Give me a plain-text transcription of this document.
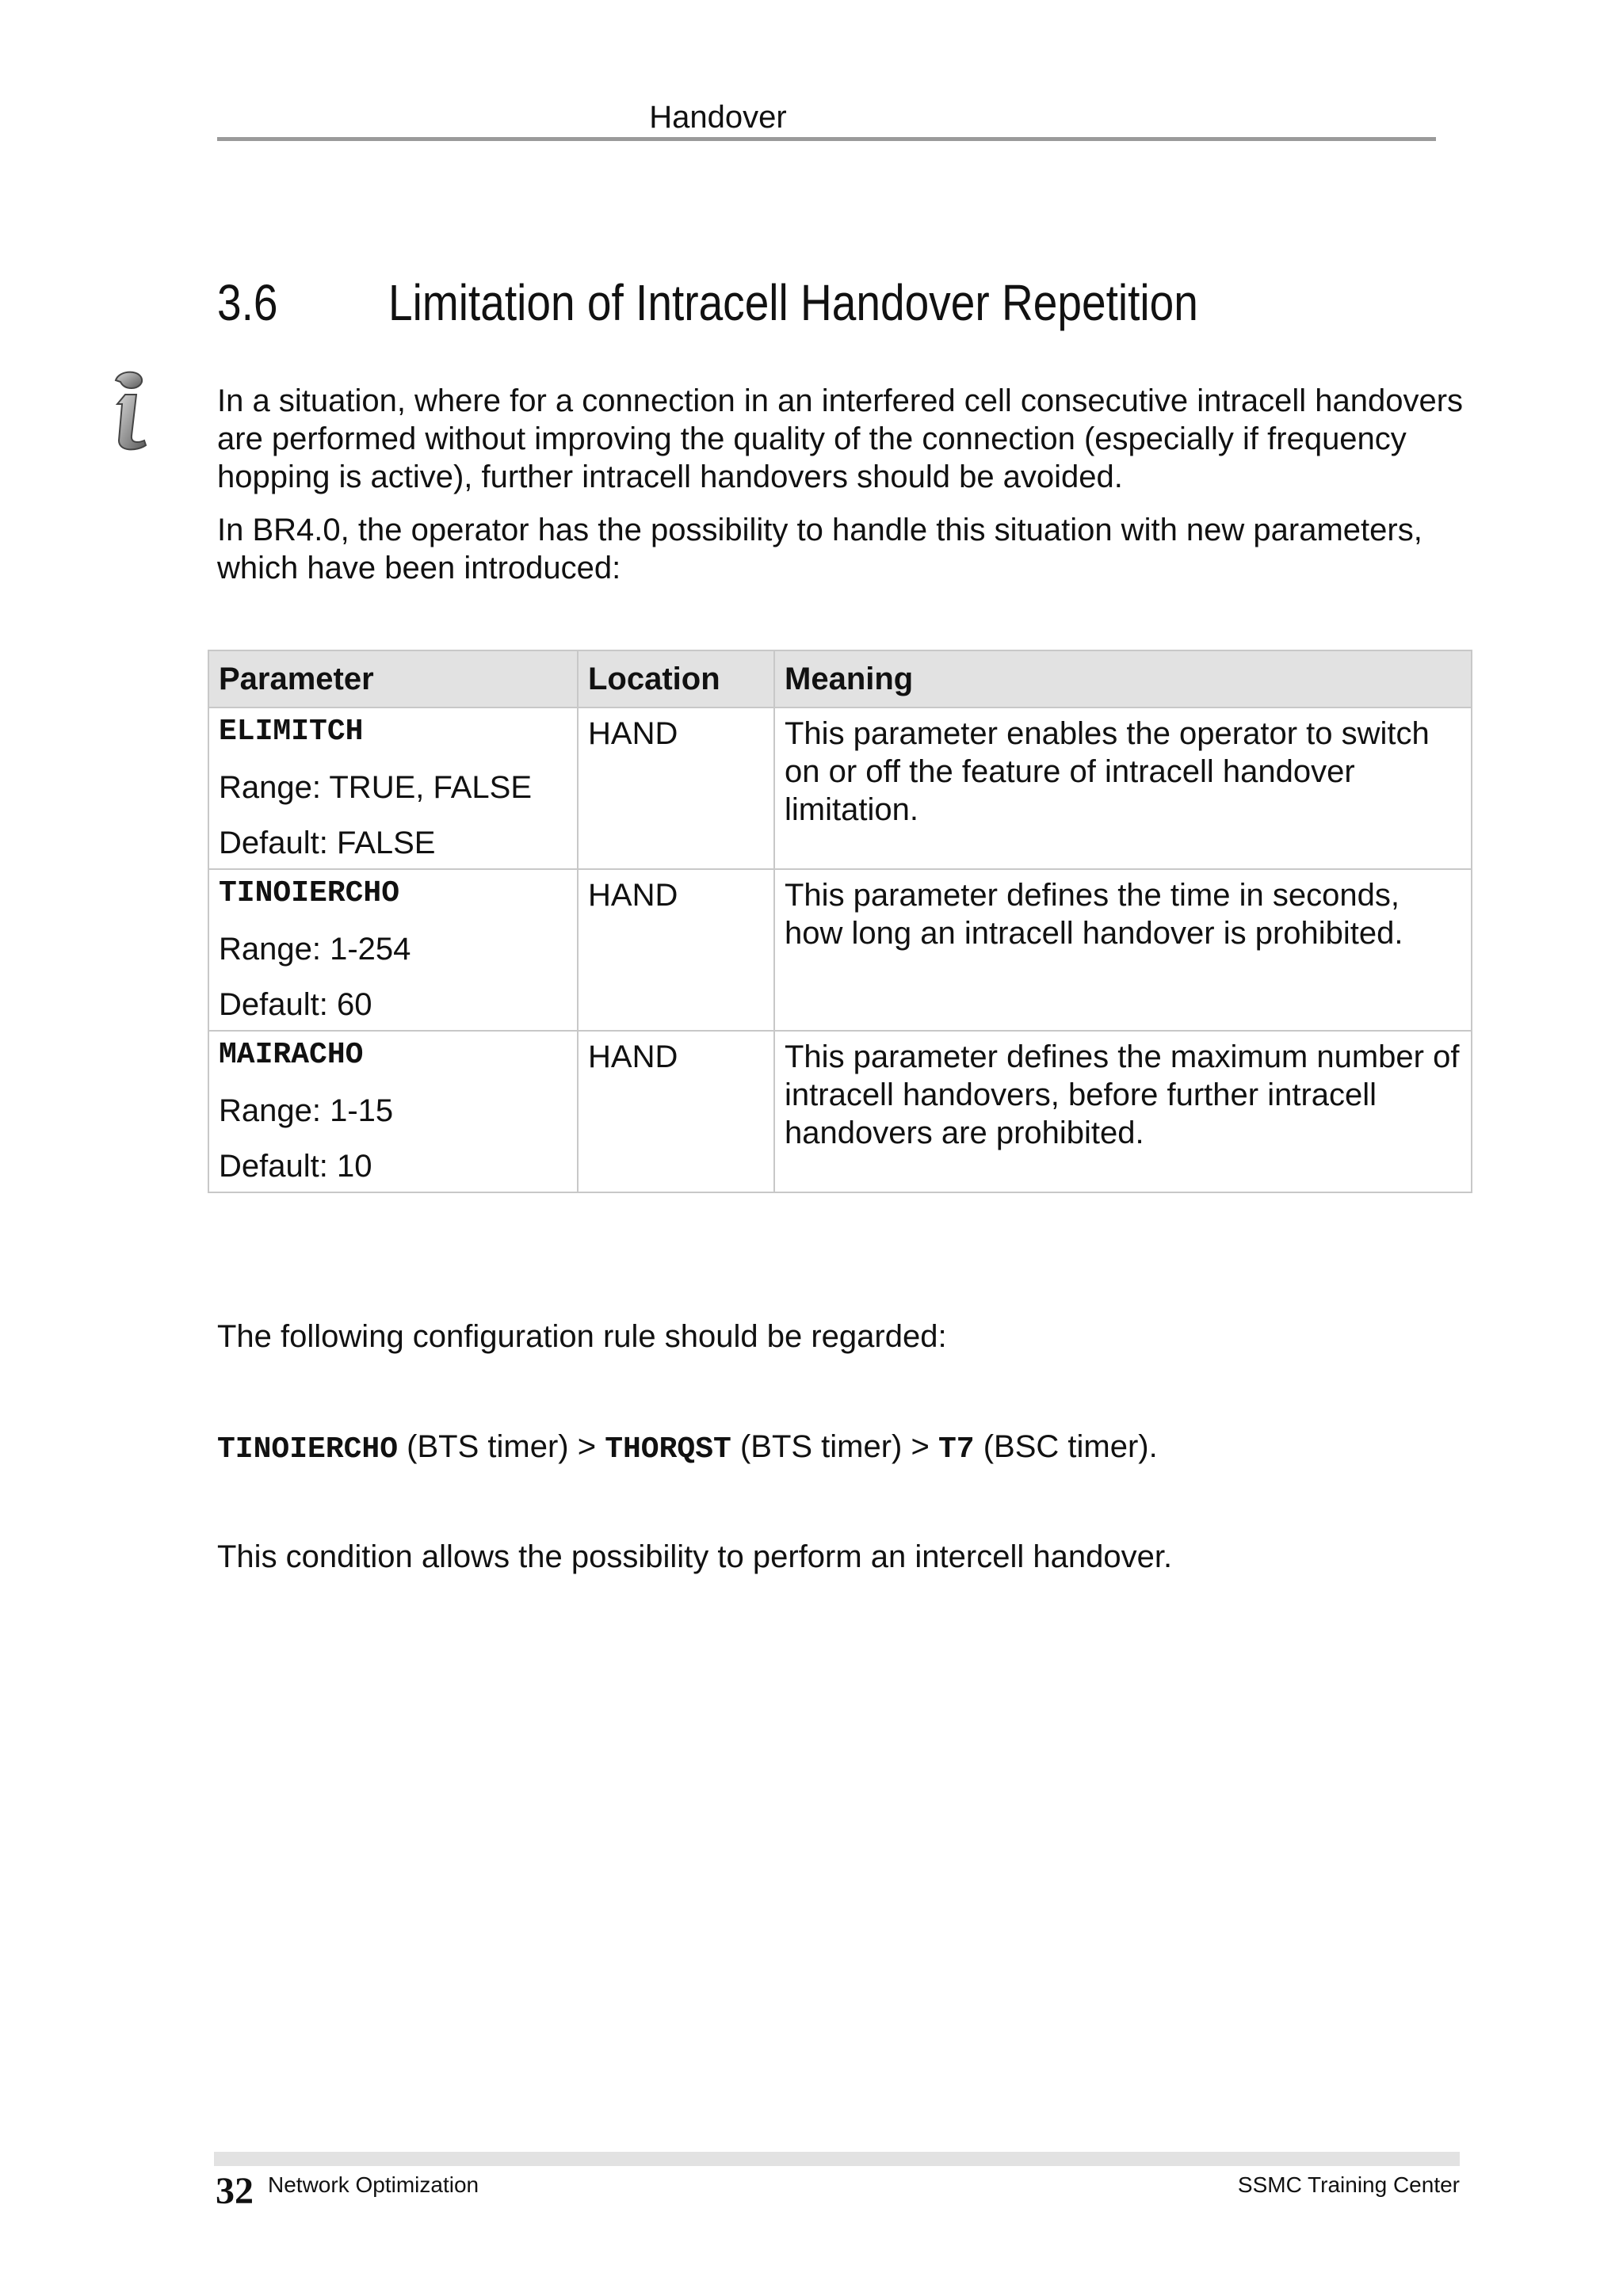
Handover
3.6 Limitation of Intracell Handover Repetition

In a situation, where for a connection in an interfered cell consecutive intracell handovers are performed without improving the quality of the connection (especially if frequency hopping is active), further intracell handovers should be avoided.

In BR4.0, the operator has the possibility to handle this situation with new parameters, which have been introduced:

Parameter	Location	Meaning

ELIMITCH
Range: TRUE, FALSE
Default: FALSE	HAND	This parameter enables the operator to switch on or off the feature of intracell handover limitation.

TINOIERCHO
Range: 1-254
Default: 60	HAND	This parameter defines the time in seconds, how long an intracell handover is prohibited.

MAIRACHO
Range: 1-15
Default: 10	HAND	This parameter defines the maximum number of intracell handovers, before further intracell handovers are prohibited.

The following configuration rule should be regarded:

TINOIERCHO (BTS timer) > THORQST (BTS timer) > T7 (BSC timer).

This condition allows the possibility to perform an intercell handover.

32 Network Optimization	SSMC Training Center
